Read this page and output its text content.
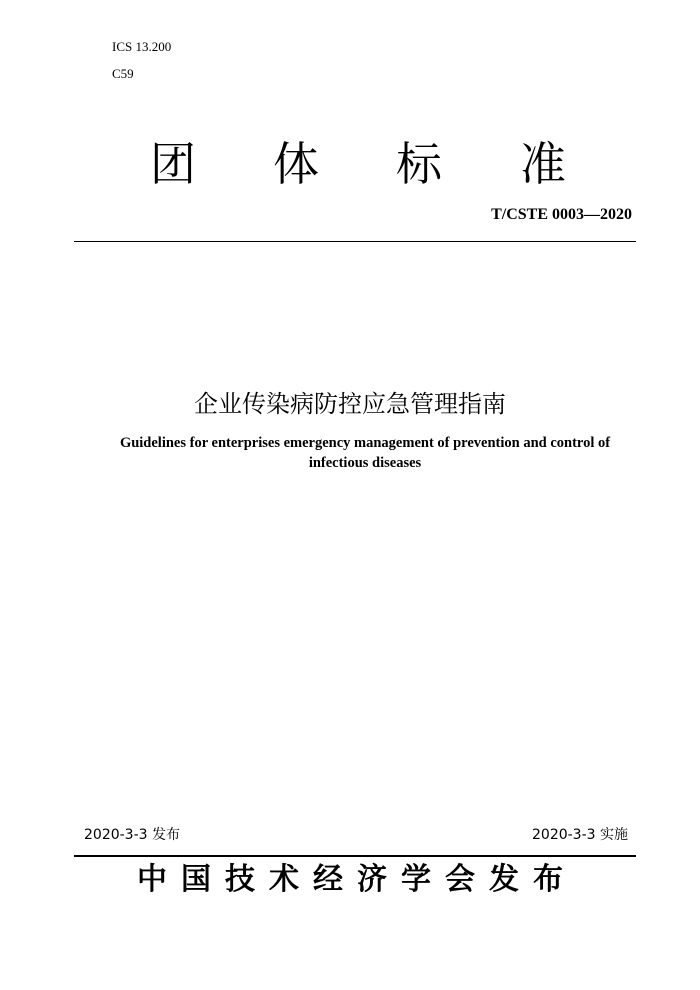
ICS 13.200
C59
团 体 标 准
T/CSTE 0003—2020
企业传染病防控应急管理指南
Guidelines for enterprises emergency management of prevention and control of
infectious diseases
2020-3-3 发布	2020-3-3 实施
中国技术经济学会发布
